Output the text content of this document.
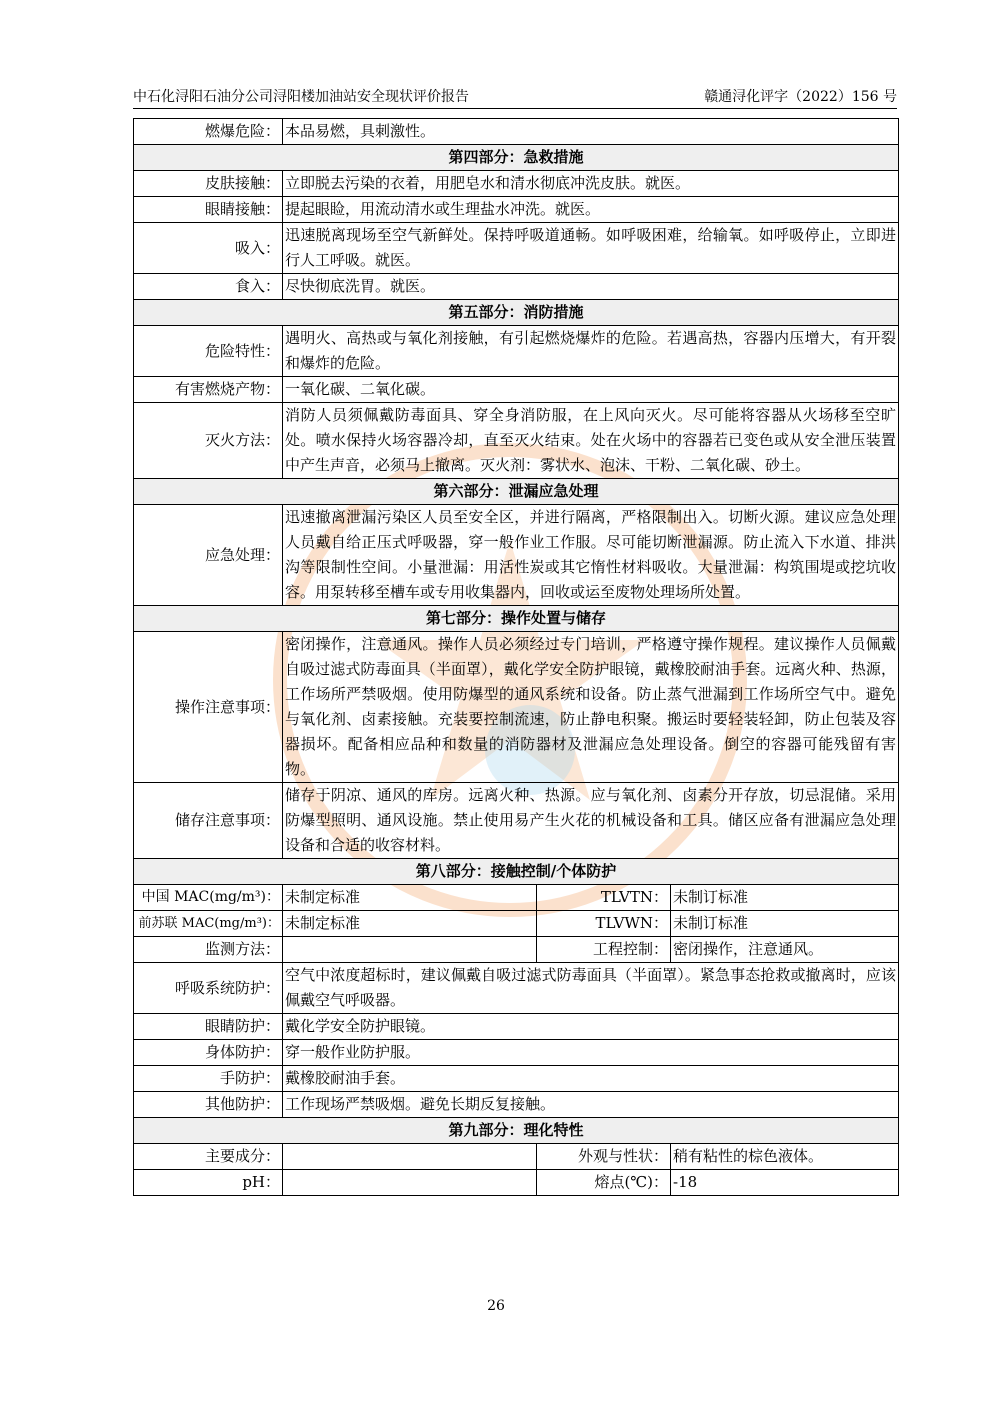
中石化浔阳石油分公司浔阳楼加油站安全现状评价报告	赣通浔化评字（2022）156 号
燃爆危险：	本品易燃，具刺激性。		
第四部分：急救措施			
皮肤接触：	立即脱去污染的衣着，用肥皂水和清水彻底冲洗皮肤。就医。		
眼睛接触：	提起眼睑，用流动清水或生理盐水冲洗。就医。		
吸入：	迅速脱离现场至空气新鲜处。保持呼吸道通畅。如呼吸困难，给输氧。如呼吸停止，立即进行人工呼吸。就医。		
食入：	尽快彻底洗胃。就医。		
第五部分：消防措施			
危险特性：	遇明火、高热或与氧化剂接触，有引起燃烧爆炸的危险。若遇高热，容器内压增大，有开裂和爆炸的危险。		
有害燃烧产物：	一氧化碳、二氧化碳。		
灭火方法：	消防人员须佩戴防毒面具、穿全身消防服，在上风向灭火。尽可能将容器从火场移至空旷处。喷水保持火场容器冷却，直至灭火结束。处在火场中的容器若已变色或从安全泄压装置中产生声音，必须马上撤离。灭火剂：雾状水、泡沫、干粉、二氧化碳、砂土。		
第六部分：泄漏应急处理			
应急处理：	迅速撤离泄漏污染区人员至安全区，并进行隔离，严格限制出入。切断火源。建议应急处理人员戴自给正压式呼吸器，穿一般作业工作服。尽可能切断泄漏源。防止流入下水道、排洪沟等限制性空间。小量泄漏：用活性炭或其它惰性材料吸收。大量泄漏：构筑围堤或挖坑收容。用泵转移至槽车或专用收集器内，回收或运至废物处理场所处置。		
第七部分：操作处置与储存			
操作注意事项：	密闭操作，注意通风。操作人员必须经过专门培训，严格遵守操作规程。建议操作人员佩戴自吸过滤式防毒面具（半面罩），戴化学安全防护眼镜，戴橡胶耐油手套。远离火种、热源，工作场所严禁吸烟。使用防爆型的通风系统和设备。防止蒸气泄漏到工作场所空气中。避免与氧化剂、卤素接触。充装要控制流速，防止静电积聚。搬运时要轻装轻卸，防止包装及容器损坏。配备相应品种和数量的消防器材及泄漏应急处理设备。倒空的容器可能残留有害物。		
储存注意事项：	储存于阴凉、通风的库房。远离火种、热源。应与氧化剂、卤素分开存放，切忌混储。采用防爆型照明、通风设施。禁止使用易产生火花的机械设备和工具。储区应备有泄漏应急处理设备和合适的收容材料。		
第八部分：接触控制/个体防护			
中国 MAC(mg/m³)：	未制定标准	TLVTN：	未制订标准
前苏联 MAC(mg/m³)：	未制定标准	TLVWN：	未制订标准
监测方法：		工程控制：	密闭操作，注意通风。
呼吸系统防护：	空气中浓度超标时，建议佩戴自吸过滤式防毒面具（半面罩）。紧急事态抢救或撤离时，应该佩戴空气呼吸器。		
眼睛防护：	戴化学安全防护眼镜。		
身体防护：	穿一般作业防护服。		
手防护：	戴橡胶耐油手套。		
其他防护：	工作现场严禁吸烟。避免长期反复接触。		
第九部分：理化特性			
主要成分：		外观与性状：	稍有粘性的棕色液体。
pH：		熔点(℃)：	-18
26
